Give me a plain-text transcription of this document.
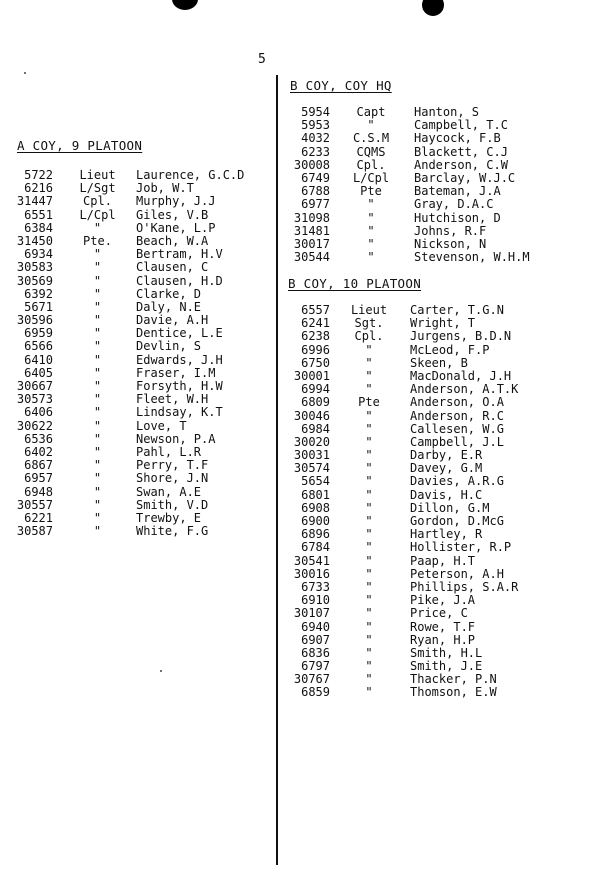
5
A COY, 9 PLATOON
5722	Lieut	Laurence, G.C.D
6216	L/Sgt	Job, W.T
31447	Cpl.	Murphy, J.J
6551	L/Cpl	Giles, V.B
6384	"	O'Kane, L.P
31450	Pte.	Beach, W.A
6934	"	Bertram, H.V
30583	"	Clausen, C
30569	"	Clausen, H.D
6392	"	Clarke, D
5671	"	Daly, N.E
30596	"	Davie, A.H
6959	"	Dentice, L.E
6566	"	Devlin, S
6410	"	Edwards, J.H
6405	"	Fraser, I.M
30667	"	Forsyth, H.W
30573	"	Fleet, W.H
6406	"	Lindsay, K.T
30622	"	Love, T
6536	"	Newson, P.A
6402	"	Pahl, L.R
6867	"	Perry, T.F
6957	"	Shore, J.N
6948	"	Swan, A.E
30557	"	Smith, V.D
6221	"	Trewby, E
30587	"	White, F.G
B COY, COY HQ
5954	Capt	Hanton, S
5953	"	Campbell, T.C
4032	C.S.M	Haycock, F.B
6233	CQMS	Blackett, C.J
30008	Cpl.	Anderson, C.W
6749	L/Cpl	Barclay, W.J.C
6788	Pte	Bateman, J.A
6977	"	Gray, D.A.C
31098	"	Hutchison, D
31481	"	Johns, R.F
30017	"	Nickson, N
30544	"	Stevenson, W.H.M
B COY, 10 PLATOON
6557	Lieut	Carter, T.G.N
6241	Sgt.	Wright, T
6238	Cpl.	Jurgens, B.D.N
6996	"	McLeod, F.P
6750	"	Skeen, B
30001	"	MacDonald, J.H
6994	"	Anderson, A.T.K
6809	Pte	Anderson, O.A
30046	"	Anderson, R.C
6984	"	Callesen, W.G
30020	"	Campbell, J.L
30031	"	Darby, E.R
30574	"	Davey, G.M
5654	"	Davies, A.R.G
6801	"	Davis, H.C
6908	"	Dillon, G.M
6900	"	Gordon, D.McG
6896	"	Hartley, R
6784	"	Hollister, R.P
30541	"	Paap, H.T
30016	"	Peterson, A.H
6733	"	Phillips, S.A.R
6910	"	Pike, J.A
30107	"	Price, C
6940	"	Rowe, T.F
6907	"	Ryan, H.P
6836	"	Smith, H.L
6797	"	Smith, J.E
30767	"	Thacker, P.N
6859	"	Thomson, E.W
